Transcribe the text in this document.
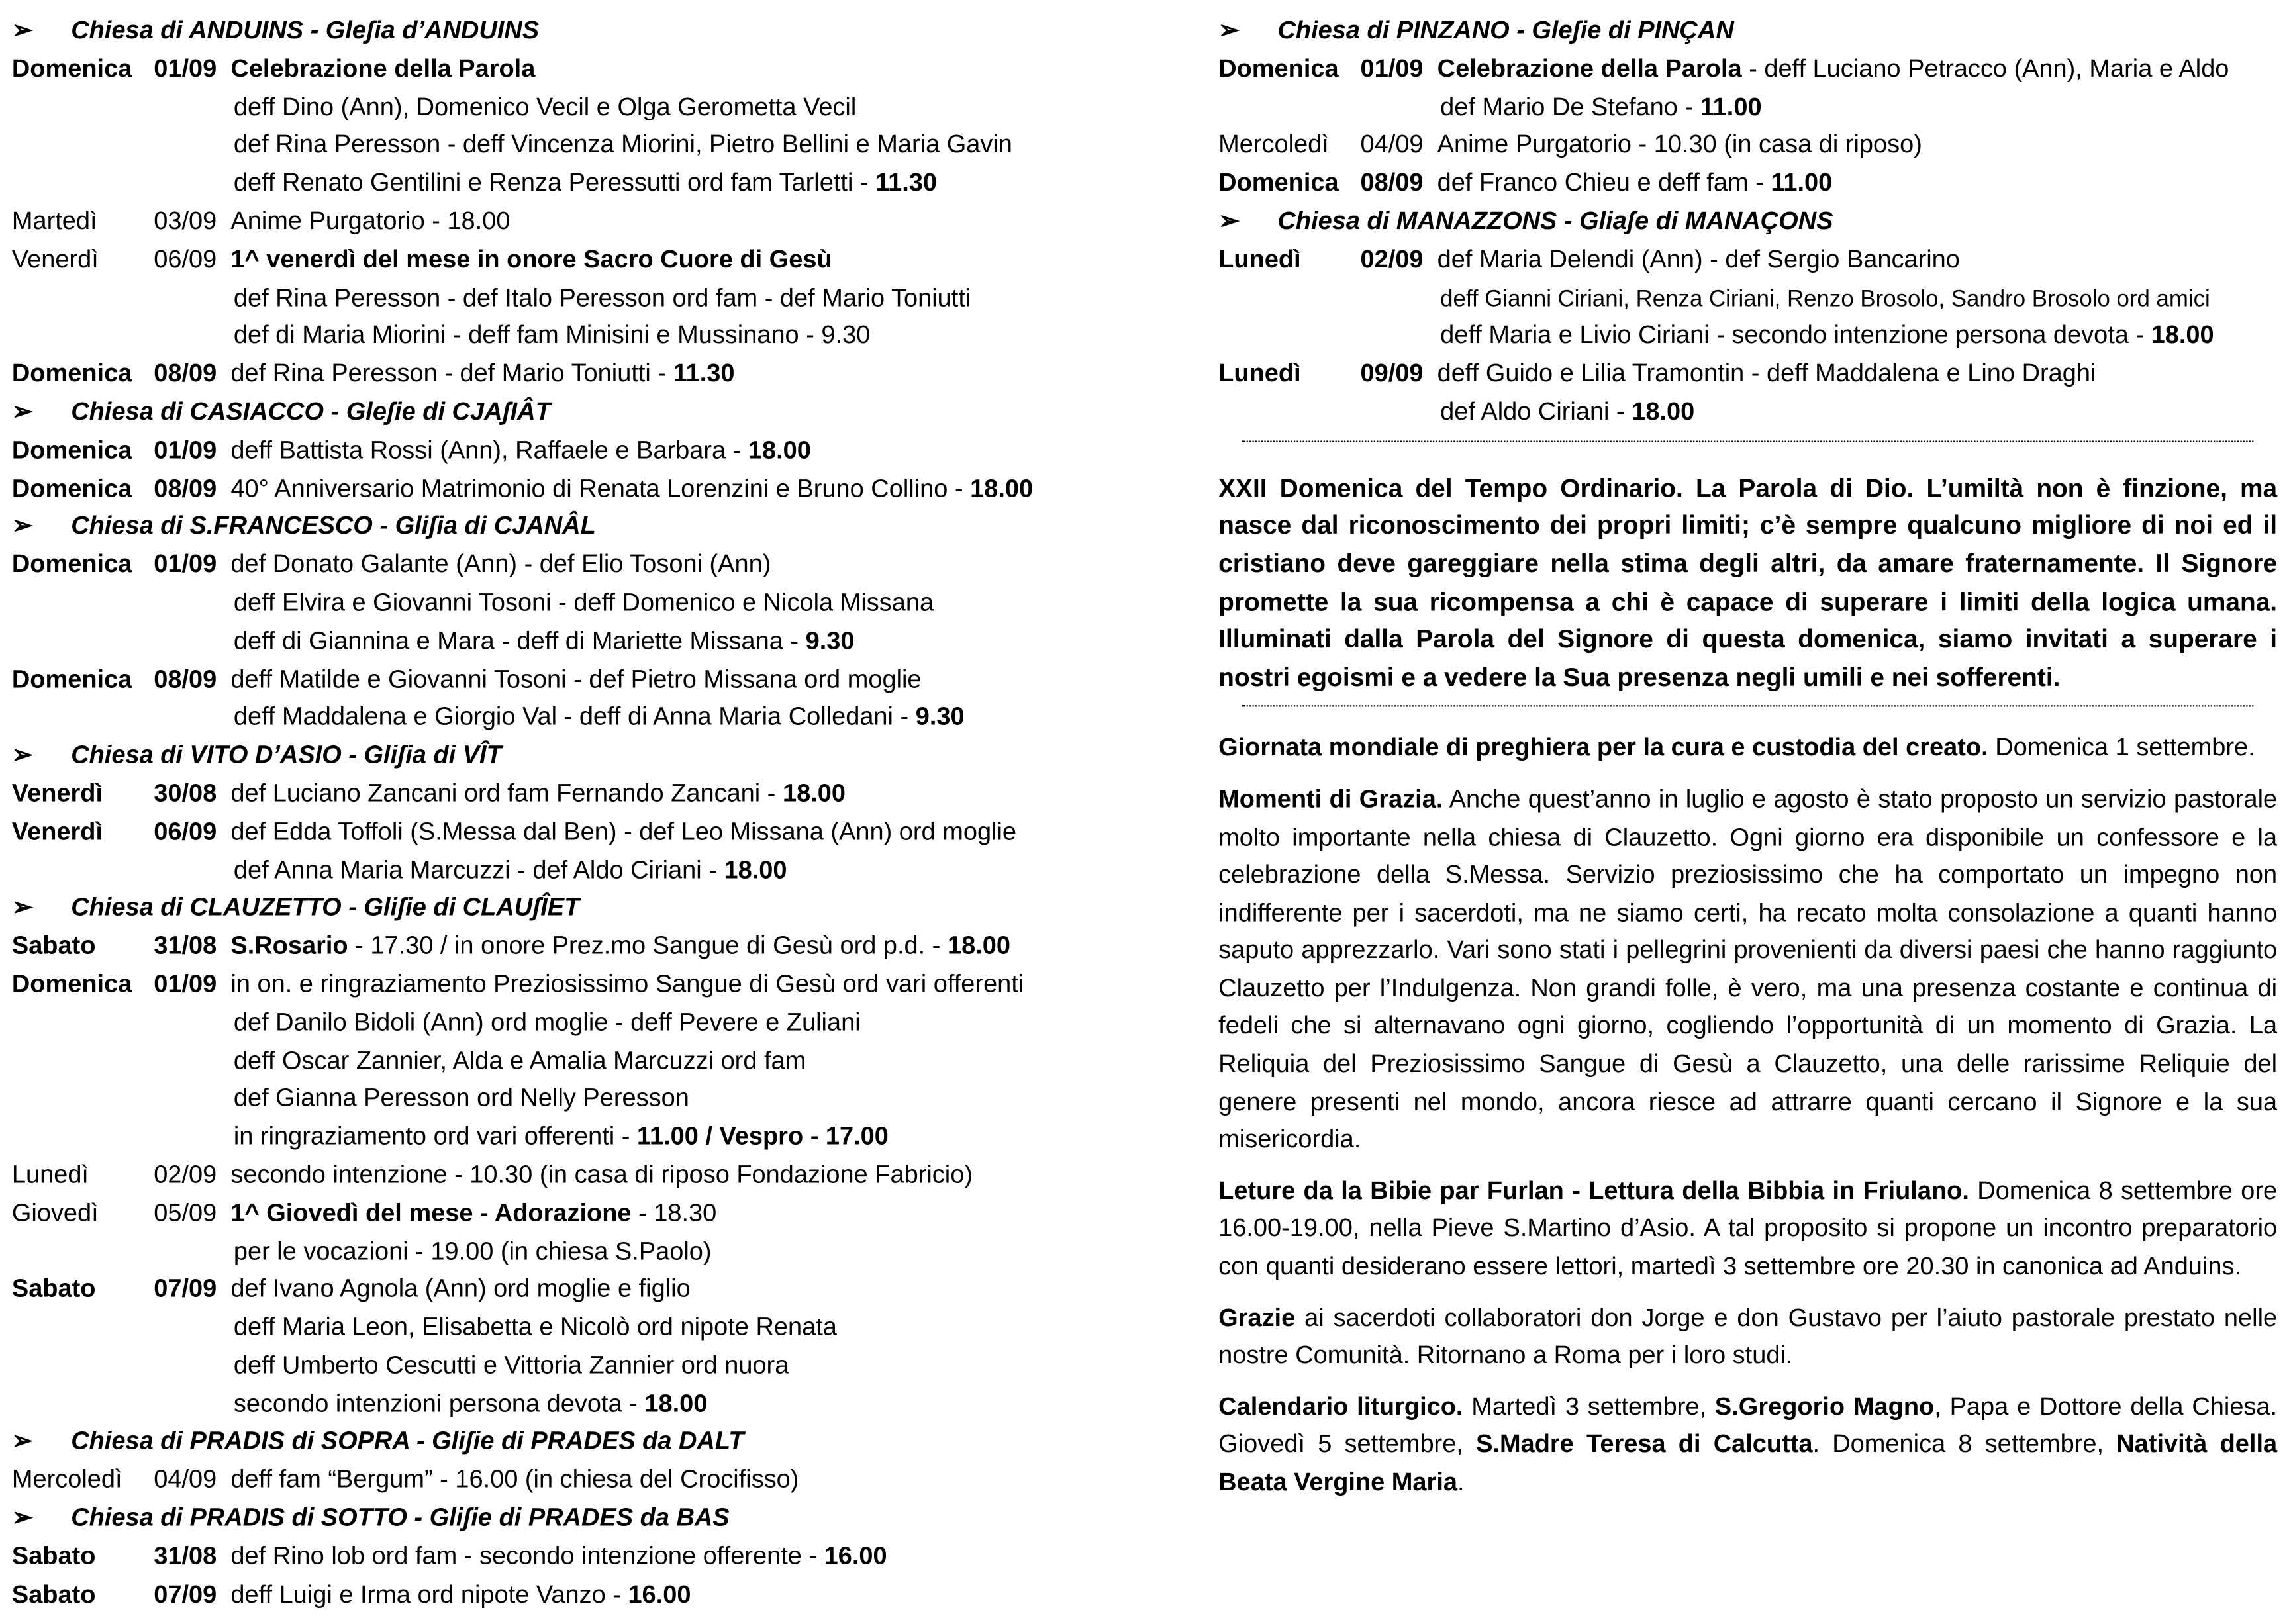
➢	Chiesa di ANDUINS - Gleʃia d’ANDUINS
Domenica 01/09 Celebrazione della Parola
deff Dino (Ann), Domenico Vecil e Olga Gerometta Vecil
def Rina Peresson - deff Vincenza Miorini, Pietro Bellini e Maria Gavin
deff Renato Gentilini e Renza Peressutti ord fam Tarletti - 11.30
Martedì	03/09 Anime Purgatorio - 18.00
Venerdì	06/09 1^ venerdì del mese in onore Sacro Cuore di Gesù
def Rina Peresson - def Italo Peresson ord fam - def Mario Toniutti
def di Maria Miorini - deff fam Minisini e Mussinano - 9.30
Domenica 08/09 def Rina Peresson - def Mario Toniutti - 11.30
➢	Chiesa di CASIACCO - Gleʃie di CJAʃIÂT
Domenica 01/09 deff Battista Rossi (Ann), Raffaele e Barbara - 18.00
Domenica 08/09 40° Anniversario Matrimonio di Renata Lorenzini e Bruno Collino - 18.00
➢	Chiesa di S.FRANCESCO - Gliʃia di CJANÂL
Domenica 01/09 def Donato Galante (Ann) - def Elio Tosoni (Ann)
deff Elvira e Giovanni Tosoni - deff Domenico e Nicola Missana
deff di Giannina e Mara - deff di Mariette Missana - 9.30
Domenica 08/09 deff Matilde e Giovanni Tosoni - def Pietro Missana ord moglie
deff Maddalena e Giorgio Val - deff di Anna Maria Colledani - 9.30
➢	Chiesa di VITO D’ASIO - Gliʃia di VÎT
Venerdì	30/08 def Luciano Zancani ord fam Fernando Zancani - 18.00
Venerdì	06/09 def Edda Toffoli (S.Messa dal Ben) - def Leo Missana (Ann) ord moglie
def Anna Maria Marcuzzi - def Aldo Ciriani - 18.00
➢	Chiesa di CLAUZETTO - Gliʃie di CLAUʃÎET
Sabato	31/08 S.Rosario - 17.30 / in onore Prez.mo Sangue di Gesù ord p.d. - 18.00
Domenica 01/09 in on. e ringraziamento Preziosissimo Sangue di Gesù ord vari offerenti
def Danilo Bidoli (Ann) ord moglie - deff Pevere e Zuliani
deff Oscar Zannier, Alda e Amalia Marcuzzi ord fam
def Gianna Peresson ord Nelly Peresson
in ringraziamento ord vari offerenti - 11.00 / Vespro - 17.00
Lunedì	02/09 secondo intenzione - 10.30 (in casa di riposo Fondazione Fabricio)
Giovedì	05/09 1^ Giovedì del mese - Adorazione - 18.30
per le vocazioni - 19.00 (in chiesa S.Paolo)
Sabato	07/09 def Ivano Agnola (Ann) ord moglie e figlio
deff Maria Leon, Elisabetta e Nicolò ord nipote Renata
deff Umberto Cescutti e Vittoria Zannier ord nuora
secondo intenzioni persona devota - 18.00
➢	Chiesa di PRADIS di SOPRA - Gliʃie di PRADES da DALT
Mercoledì	04/09 deff fam “Bergum” - 16.00 (in chiesa del Crocifisso)
➢	Chiesa di PRADIS di SOTTO - Gliʃie di PRADES da BAS
Sabato	31/08 def Rino lob ord fam - secondo intenzione offerente - 16.00
Sabato	07/09 deff Luigi e Irma ord nipote Vanzo - 16.00
➢	Chiesa di PINZANO - Gleʃie di PINÇAN
Domenica 01/09 Celebrazione della Parola - deff Luciano Petracco (Ann), Maria e Aldo
def Mario De Stefano - 11.00
Mercoledì	04/09 Anime Purgatorio - 10.30 (in casa di riposo)
Domenica 08/09 def Franco Chieu e deff fam - 11.00
➢	Chiesa di MANAZZONS - Gliaʃe di MANAÇONS
Lunedì	02/09 def Maria Delendi (Ann) - def Sergio Bancarino
deff Gianni Ciriani, Renza Ciriani, Renzo Brosolo, Sandro Brosolo ord amici
deff Maria e Livio Ciriani - secondo intenzione persona devota - 18.00
Lunedì	09/09 deff Guido e Lilia Tramontin - deff Maddalena e Lino Draghi
def Aldo Ciriani - 18.00

XXII Domenica del Tempo Ordinario. La Parola di Dio. L’umiltà non è finzione, ma nasce dal riconoscimento dei propri limiti; c’è sempre qualcuno migliore di noi ed il cristiano deve gareggiare nella stima degli altri, da amare fraternamente. Il Signore promette la sua ricompensa a chi è capace di superare i limiti della logica umana. Illuminati dalla Parola del Signore di questa domenica, siamo invitati a superare i nostri egoismi e a vedere la Sua presenza negli umili e nei sofferenti.

Giornata mondiale di preghiera per la cura e custodia del creato. Domenica 1 settembre.

Momenti di Grazia. Anche quest’anno in luglio e agosto è stato proposto un servizio pastorale molto importante nella chiesa di Clauzetto. Ogni giorno era disponibile un confessore e la celebrazione della S.Messa. Servizio preziosissimo che ha comportato un impegno non indifferente per i sacerdoti, ma ne siamo certi, ha recato molta consolazione a quanti hanno saputo apprezzarlo. Vari sono stati i pellegrini provenienti da diversi paesi che hanno raggiunto Clauzetto per l’Indulgenza. Non grandi folle, è vero, ma una presenza costante e continua di fedeli che si alternavano ogni giorno, cogliendo l’opportunità di un momento di Grazia. La Reliquia del Preziosissimo Sangue di Gesù a Clauzetto, una delle rarissime Reliquie del genere presenti nel mondo, ancora riesce ad attrarre quanti cercano il Signore e la sua misericordia.

Leture da la Bibie par Furlan - Lettura della Bibbia in Friulano. Domenica 8 settembre ore 16.00-19.00, nella Pieve S.Martino d’Asio. A tal proposito si propone un incontro preparatorio con quanti desiderano essere lettori, martedì 3 settembre ore 20.30 in canonica ad Anduins.

Grazie ai sacerdoti collaboratori don Jorge e don Gustavo per l’aiuto pastorale prestato nelle nostre Comunità. Ritornano a Roma per i loro studi.

Calendario liturgico. Martedì 3 settembre, S.Gregorio Magno, Papa e Dottore della Chiesa. Giovedì 5 settembre, S.Madre Teresa di Calcutta. Domenica 8 settembre, Natività della Beata Vergine Maria.
